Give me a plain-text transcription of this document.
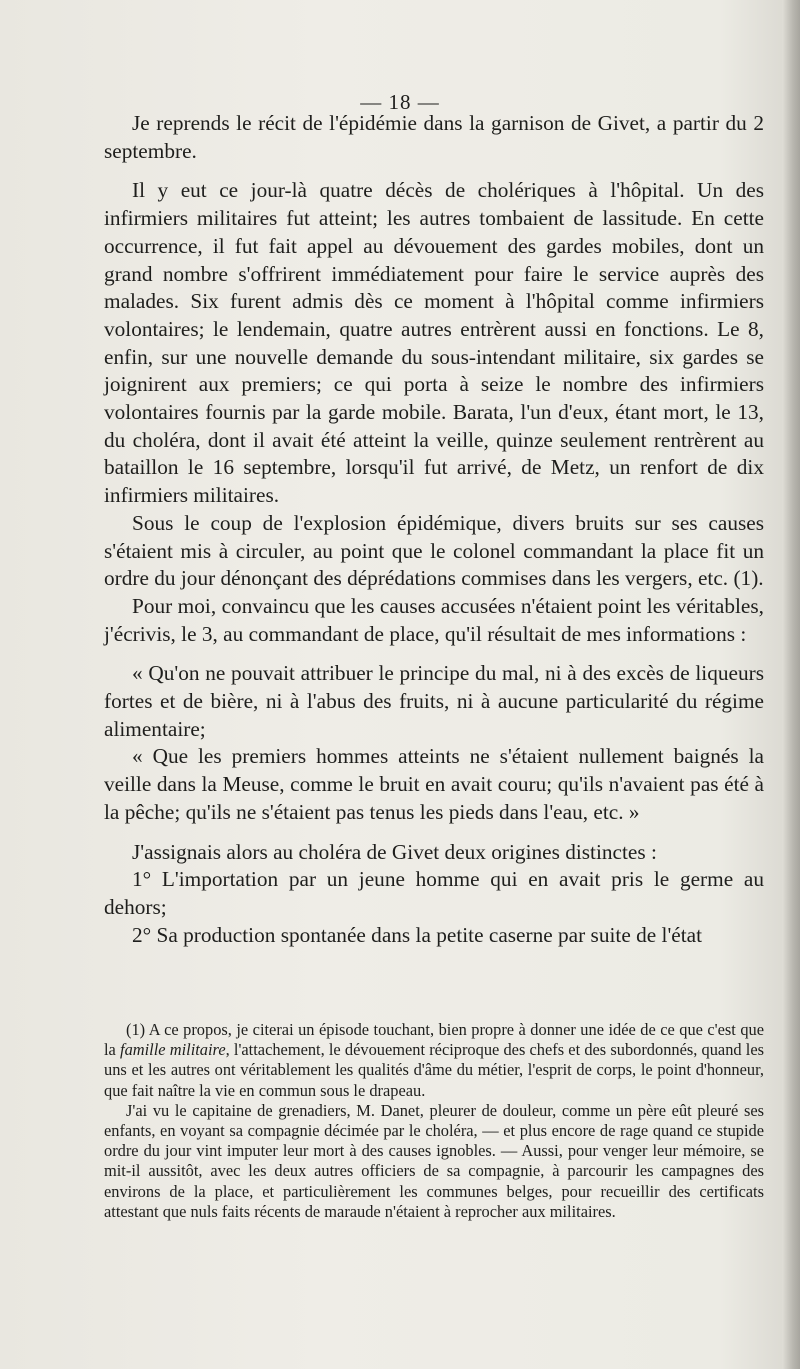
— 18 —

Je reprends le récit de l'épidémie dans la garnison de Givet, a partir du 2 septembre.

Il y eut ce jour-là quatre décès de cholériques à l'hôpital. Un des infirmiers militaires fut atteint; les autres tombaient de lassitude. En cette occurrence, il fut fait appel au dévouement des gardes mobiles, dont un grand nombre s'offrirent immédiatement pour faire le service auprès des malades. Six furent admis dès ce moment à l'hôpital comme infirmiers volontaires; le lendemain, quatre autres entrèrent aussi en fonctions. Le 8, enfin, sur une nouvelle demande du sous-intendant militaire, six gardes se joignirent aux premiers; ce qui porta à seize le nombre des infirmiers volontaires fournis par la garde mobile. Barata, l'un d'eux, étant mort, le 13, du choléra, dont il avait été atteint la veille, quinze seulement rentrèrent au bataillon le 16 septembre, lorsqu'il fut arrivé, de Metz, un renfort de dix infirmiers militaires.

Sous le coup de l'explosion épidémique, divers bruits sur ses causes s'étaient mis à circuler, au point que le colonel commandant la place fit un ordre du jour dénonçant des déprédations commises dans les vergers, etc. (1).

Pour moi, convaincu que les causes accusées n'étaient point les véritables, j'écrivis, le 3, au commandant de place, qu'il résultait de mes informations :

« Qu'on ne pouvait attribuer le principe du mal, ni à des excès de liqueurs fortes et de bière, ni à l'abus des fruits, ni à aucune particularité du régime alimentaire;

« Que les premiers hommes atteints ne s'étaient nullement baignés la veille dans la Meuse, comme le bruit en avait couru; qu'ils n'avaient pas été à la pêche; qu'ils ne s'étaient pas tenus les pieds dans l'eau, etc. »

J'assignais alors au choléra de Givet deux origines distinctes :

1° L'importation par un jeune homme qui en avait pris le germe au dehors;

2° Sa production spontanée dans la petite caserne par suite de l'état

(1) A ce propos, je citerai un épisode touchant, bien propre à donner une idée de ce que c'est que la famille militaire, l'attachement, le dévouement réciproque des chefs et des subordonnés, quand les uns et les autres ont véritablement les qualités d'âme du métier, l'esprit de corps, le point d'honneur, que fait naître la vie en commun sous le drapeau.

J'ai vu le capitaine de grenadiers, M. Danet, pleurer de douleur, comme un père eût pleuré ses enfants, en voyant sa compagnie décimée par le choléra, — et plus encore de rage quand ce stupide ordre du jour vint imputer leur mort à des causes ignobles. — Aussi, pour venger leur mémoire, se mit-il aussitôt, avec les deux autres officiers de sa compagnie, à parcourir les campagnes des environs de la place, et particulièrement les communes belges, pour recueillir des certificats attestant que nuls faits récents de maraude n'étaient à reprocher aux militaires.
